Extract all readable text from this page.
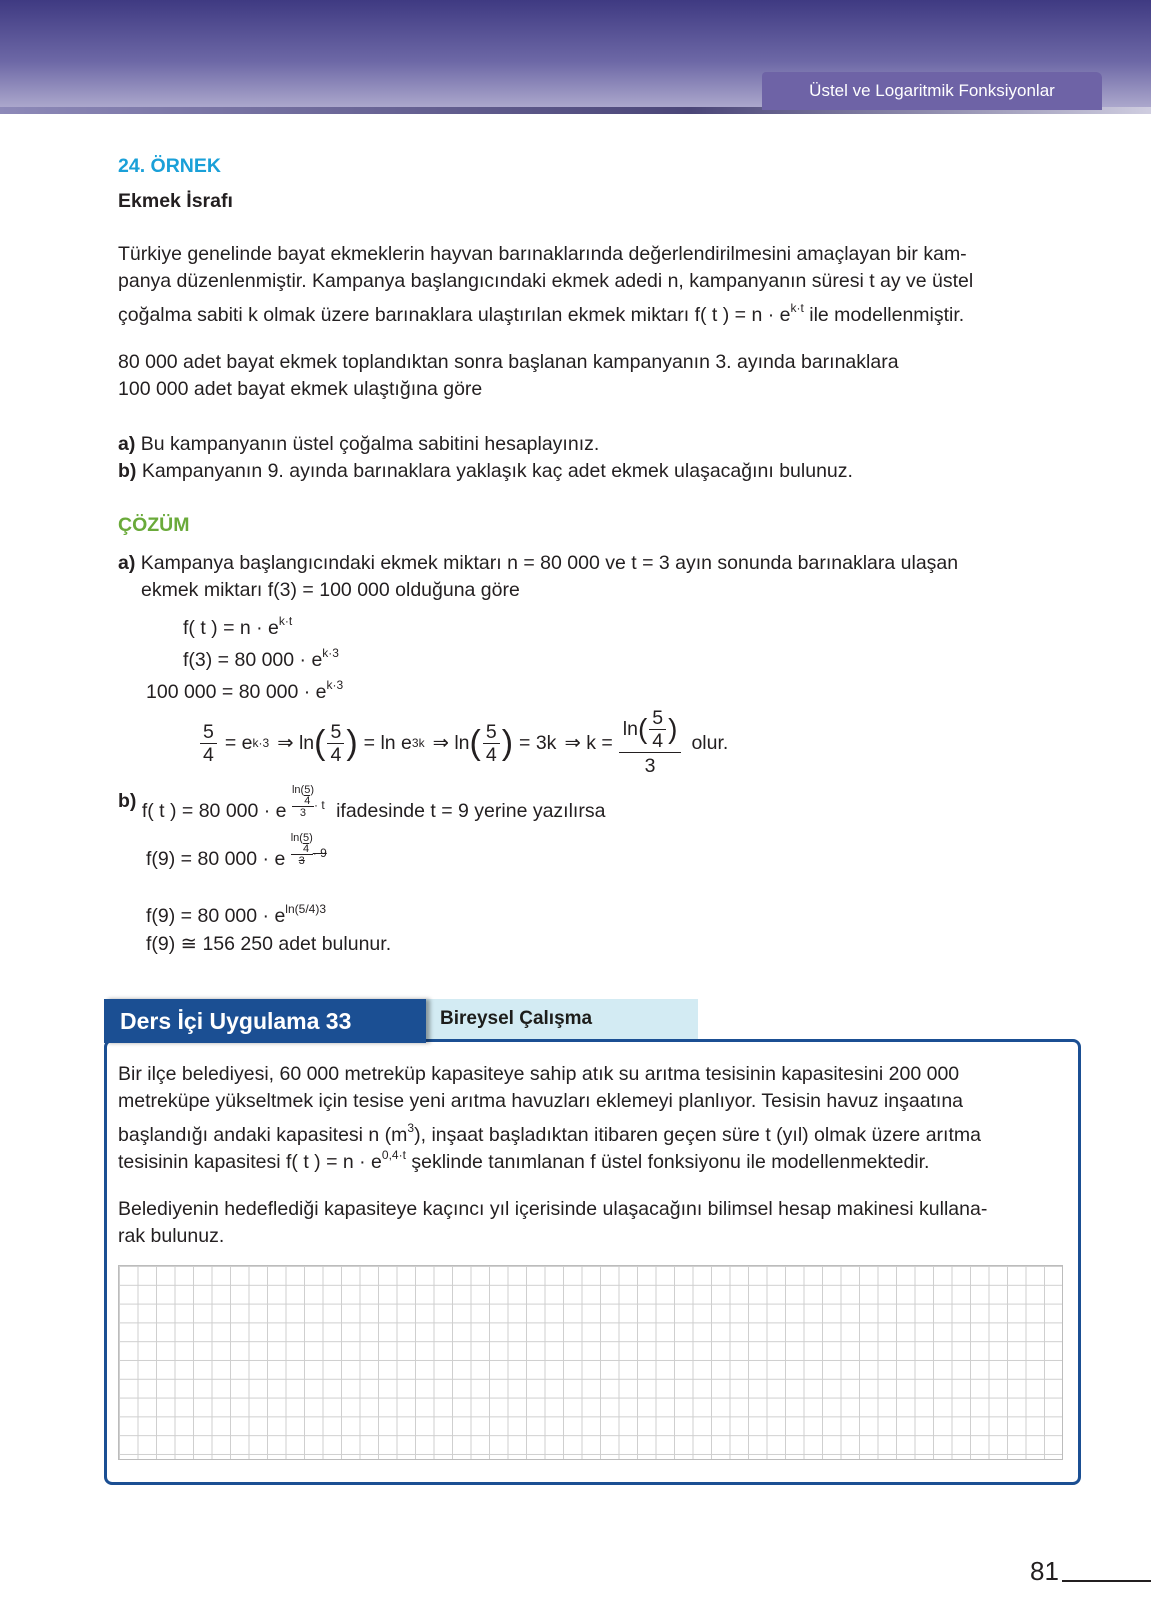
Üstel ve Logaritmik Fonksiyonlar
24. ÖRNEK
Ekmek İsrafı
Türkiye genelinde bayat ekmeklerin hayvan barınaklarında değerlendirilmesini amaçlayan bir kam-
panya düzenlenmiştir. Kampanya başlangıcındaki ekmek adedi n, kampanyanın süresi t ay ve üstel
çoğalma sabiti k olmak üzere barınaklara ulaştırılan ekmek miktarı f( t ) = $n \cdot e^{k\cdot t}$ ile modellenmiştir.
80 000 adet bayat ekmek toplandıktan sonra başlanan kampanyanın 3. ayında barınaklara
100 000 adet bayat ekmek ulaştığına göre
a) Bu kampanyanın üstel çoğalma sabitini hesaplayınız.
b) Kampanyanın 9. ayında barınaklara yaklaşık kaç adet ekmek ulaşacağını bulunuz.
ÇÖZÜM
a) Kampanya başlangıcındaki ekmek miktarı n = 80 000 ve t = 3 ayın sonunda barınaklara ulaşan
ekmek miktarı f(3) = 100 000 olduğuna göre
f( t ) = $n \cdot e^{k\cdot t}$
f(3) = 80 $000 \cdot e^{k\cdot 3}$
100 000 = 80 $000 \cdot e^{k\cdot 3}$
$\frac{5}{4} = e$ k·3 ⇒ ln ( $\frac{5}{4}$ ) = ln e 3k ⇒ ln ( $\frac{5}{4}$ ) = 3k ⇒ $k = \frac{\ln ( \frac{5}{4} )}{3}$ olur.
b) f( t ) = 80 000 · e $\frac{\ln( \frac{5}{4} )}{3} \cdot t$ ifadesinde t = 9 yerine yazılırsa
f(9) = 80 000 · e $\frac{\ln( \frac{5}{4} )}{3} \cdot 9$
f(9) = 80 $000 \cdot e^{ln(5/4)3}$
f(9) ≅ 156 250 adet bulunur.
Bireysel Çalışma
Ders İçi Uygulama 33
Bir ilçe belediyesi, 60 000 metreküp kapasiteye sahip atık su arıtma tesisinin kapasitesini 200 000
metreküpe yükseltmek için tesise yeni arıtma havuzları eklemeyi planlıyor. Tesisin havuz inşaatına
başlandığı andaki kapasitesi n $(m^3)$, inşaat başladıktan itibaren geçen süre t (yıl) olmak üzere arıtma
tesisinin kapasitesi f( t ) = $n \cdot e^{0,4\cdot t}$ şeklinde tanımlanan f üstel fonksiyonu ile modellenmektedir.
Belediyenin hedeflediği kapasiteye kaçıncı yıl içerisinde ulaşacağını bilimsel hesap makinesi kullana-
rak bulunuz.
81
